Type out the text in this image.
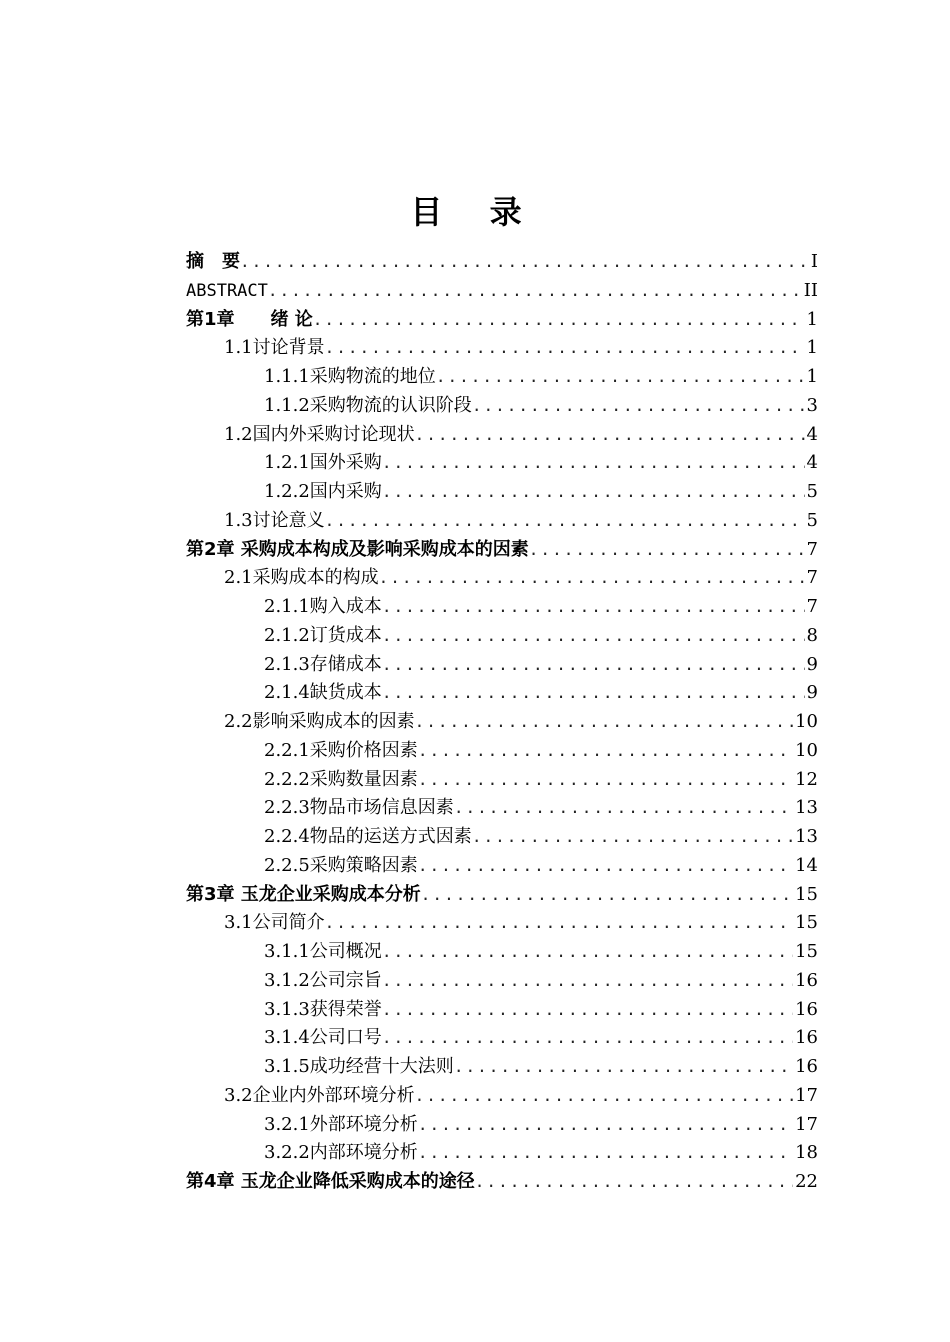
目 录
摘　要 .....	I
ABSTRACT .....	II
第1章　　绪 论 .....	1
1.1讨论背景 .....	1
1.1.1采购物流的地位 .....	1
1.1.2采购物流的认识阶段 .....	3
1.2国内外采购讨论现状 .....	4
1.2.1国外采购 .....	4
1.2.2国内采购 .....	5
1.3讨论意义 .....	5
第2章 采购成本构成及影响采购成本的因素 .....	7
2.1采购成本的构成 .....	7
2.1.1购入成本 .....	7
2.1.2订货成本 .....	8
2.1.3存储成本 .....	9
2.1.4缺货成本 .....	9
2.2影响采购成本的因素 .....	10
2.2.1采购价格因素 .....	10
2.2.2采购数量因素 .....	12
2.2.3物品市场信息因素 .....	13
2.2.4物品的运送方式因素 .....	13
2.2.5采购策略因素 .....	14
第3章 玉龙企业采购成本分析 .....	15
3.1公司简介 .....	15
3.1.1公司概况 .....	15
3.1.2公司宗旨 .....	16
3.1.3获得荣誉 .....	16
3.1.4公司口号 .....	16
3.1.5成功经营十大法则 .....	16
3.2企业内外部环境分析 .....	17
3.2.1外部环境分析 .....	17
3.2.2内部环境分析 .....	18
第4章 玉龙企业降低采购成本的途径 .....	22
